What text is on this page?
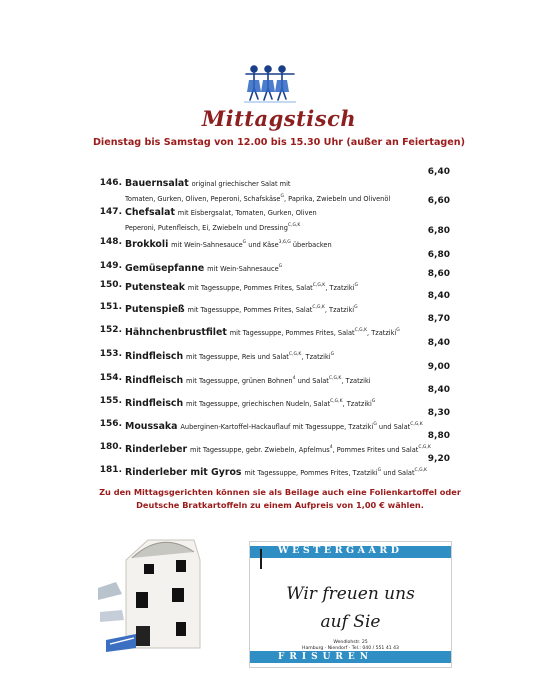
Mittagstisch

Dienstag bis Samstag von 12.00 bis 15.30 Uhr (außer an Feiertagen)

146. Bauernsalat original griechischer Salat mit
Tomaten, Gurken, Oliven, Peperoni, Schafskäse$^G$, Paprika, Zwiebeln und Olivenöl
6,40
147. Chefsalat mit Eisbergsalat, Tomaten, Gurken, Oliven
Peperoni, Putenfleisch, Ei, Zwiebeln und Dressing$^{C,G,K}$
6,60
148. Brokkoli mit Wein-Sahnesauce$^G$ und Käse$^{3,6,G}$ überbacken
6,80
149. Gemüsepfanne mit Wein-Sahnesauce$^G$
6,80
150. Putensteak mit Tagessuppe, Pommes Frites, Salat$^{C,G,K}$, Tzatziki$^G$
8,60
151. Putenspieß mit Tagessuppe, Pommes Frites, Salat$^{C,G,K}$, Tzatziki$^G$
8,40
152. Hähnchenbrustfilet mit Tagessuppe, Pommes Frites, Salat$^{C,G,K}$, Tzatziki$^G$
8,70
153. Rindfleisch mit Tagessuppe, Reis und Salat$^{C,G,K}$, Tzatziki$^G$
8,40
154. Rindfleisch mit Tagessuppe, grünen Bohnen$^4$ und Salat$^{C,G,K}$, Tzatziki
9,00
155. Rindfleisch mit Tagessuppe, griechischen Nudeln, Salat$^{C,G,K}$, Tzatziki$^G$
8,40
156. Moussaka Auberginen-Kartoffel-Hackauflauf mit Tagessuppe, Tzatziki$^G$ und Salat$^{C,G,K}$
8,30
180. Rinderleber mit Tagessuppe, gebr. Zwiebeln, Apfelmus$^4$, Pommes Frites und Salat$^{C,G,K}$
8,80
181. Rinderleber mit Gyros mit Tagessuppe, Pommes Frites, Tzatziki$^G$ und Salat$^{C,G,K}$
9,20

Zu den Mittagsgerichten können sie als Beilage auch eine Folienkartoffel oder
Deutsche Bratkartoffeln zu einem Aufpreis von 1,00 € wählen.

WESTERGAARD
Wir freuen uns
auf Sie
Wendlohstr. 25
Hamburg · Niendorf · Tel.: 040 / 551 41 43
FRISUREN
